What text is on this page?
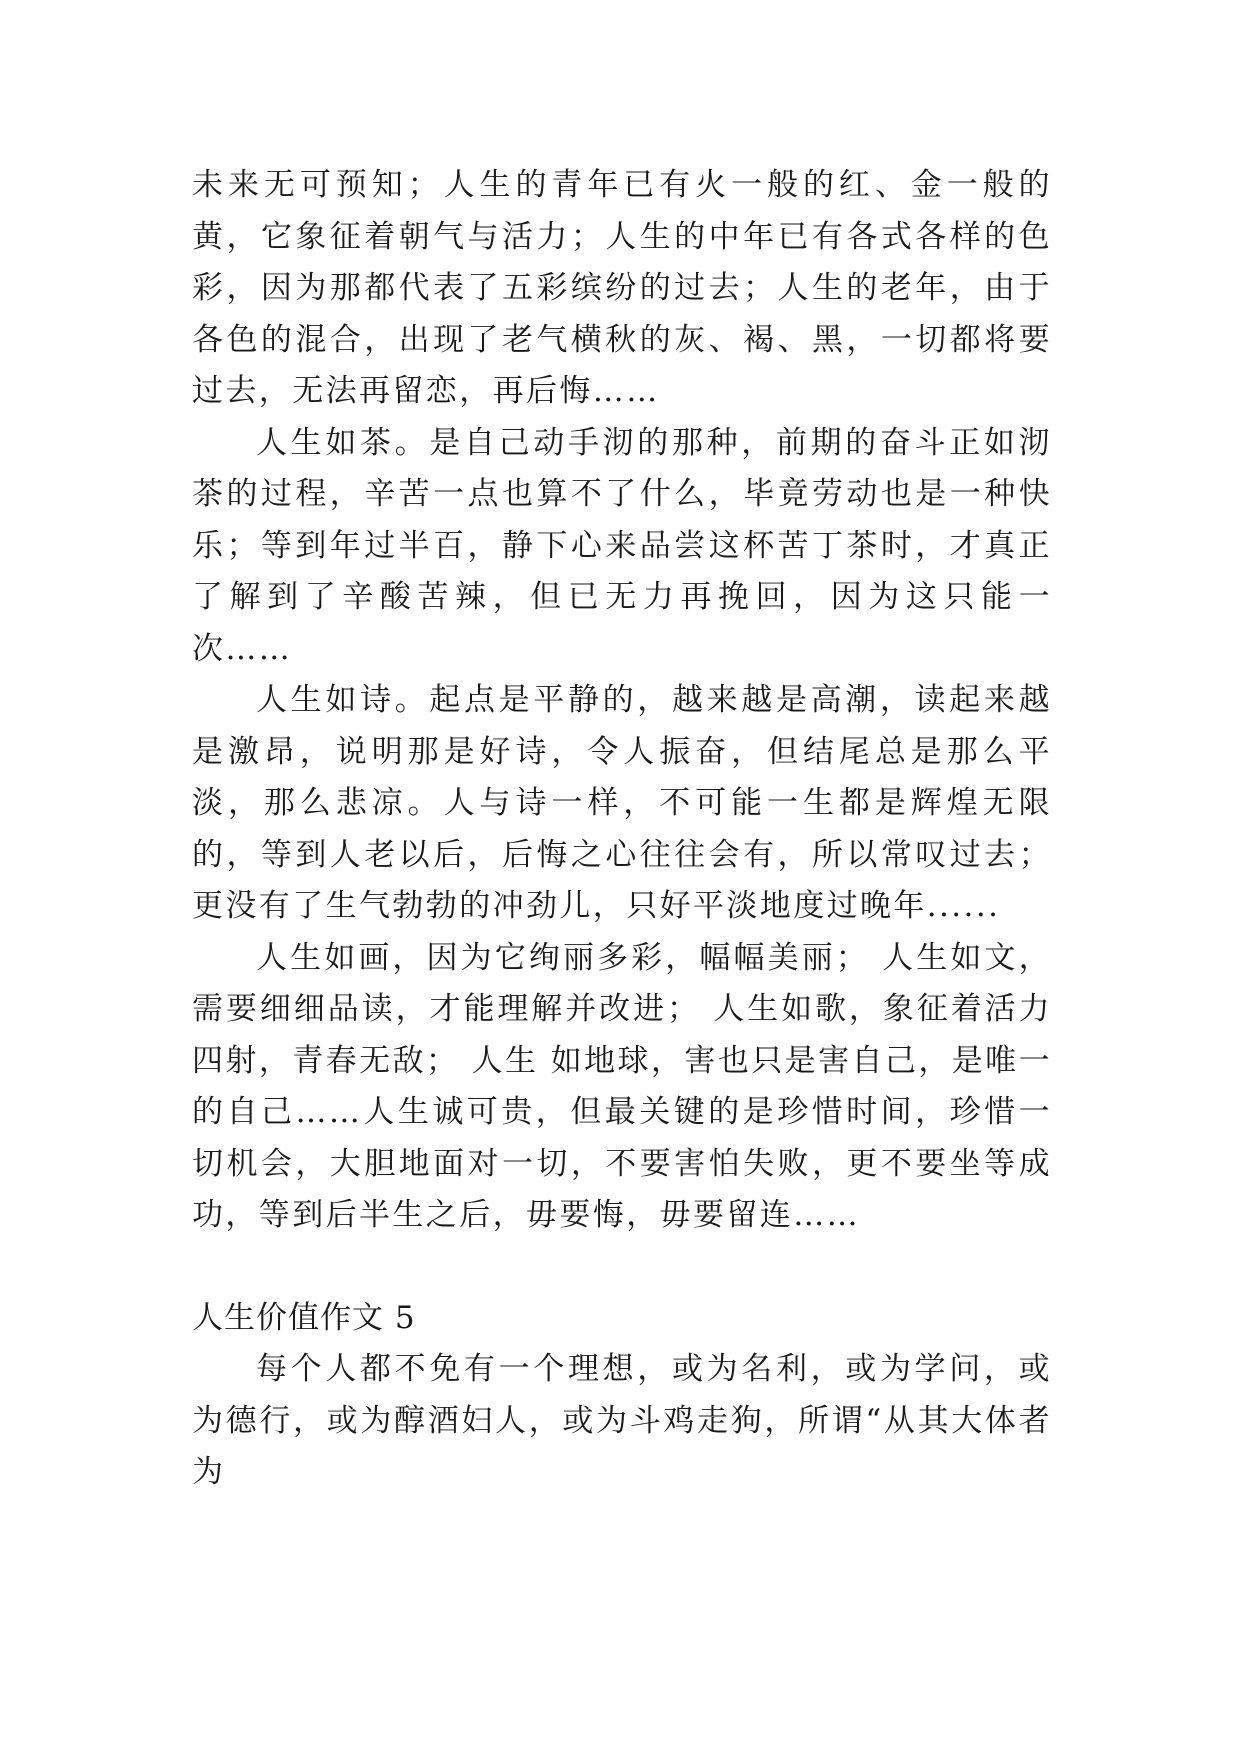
未来无可预知；人生的青年已有火一般的红、金一般的黄，它象征着朝气与活力；人生的中年已有各式各样的色彩，因为那都代表了五彩缤纷的过去；人生的老年，由于各色的混合，出现了老气横秋的灰、褐、黑，一切都将要过去，无法再留恋，再后悔……

人生如茶。是自己动手沏的那种，前期的奋斗正如沏茶的过程，辛苦一点也算不了什么，毕竟劳动也是一种快乐；等到年过半百，静下心来品尝这杯苦丁茶时，才真正了解到了辛酸苦辣，但已无力再挽回，因为这只能一次……

人生如诗。起点是平静的，越来越是高潮，读起来越是激昂，说明那是好诗，令人振奋，但结尾总是那么平淡，那么悲凉。人与诗一样，不可能一生都是辉煌无限的，等到人老以后，后悔之心往往会有，所以常叹过去；更没有了生气勃勃的冲劲儿，只好平淡地度过晚年......

人生如画，因为它绚丽多彩，幅幅美丽； 人生如文，需要细细品读，才能理解并改进； 人生如歌，象征着活力四射，青春无敌； 人生 如地球，害也只是害自己，是唯一的自己……人生诚可贵，但最关键的是珍惜时间，珍惜一切机会，大胆地面对一切，不要害怕失败，更不要坐等成功，等到后半生之后，毋要悔，毋要留连……

人生价值作文 5

每个人都不免有一个理想，或为名利，或为学问，或为德行，或为醇酒妇人，或为斗鸡走狗，所谓“从其大体者为
